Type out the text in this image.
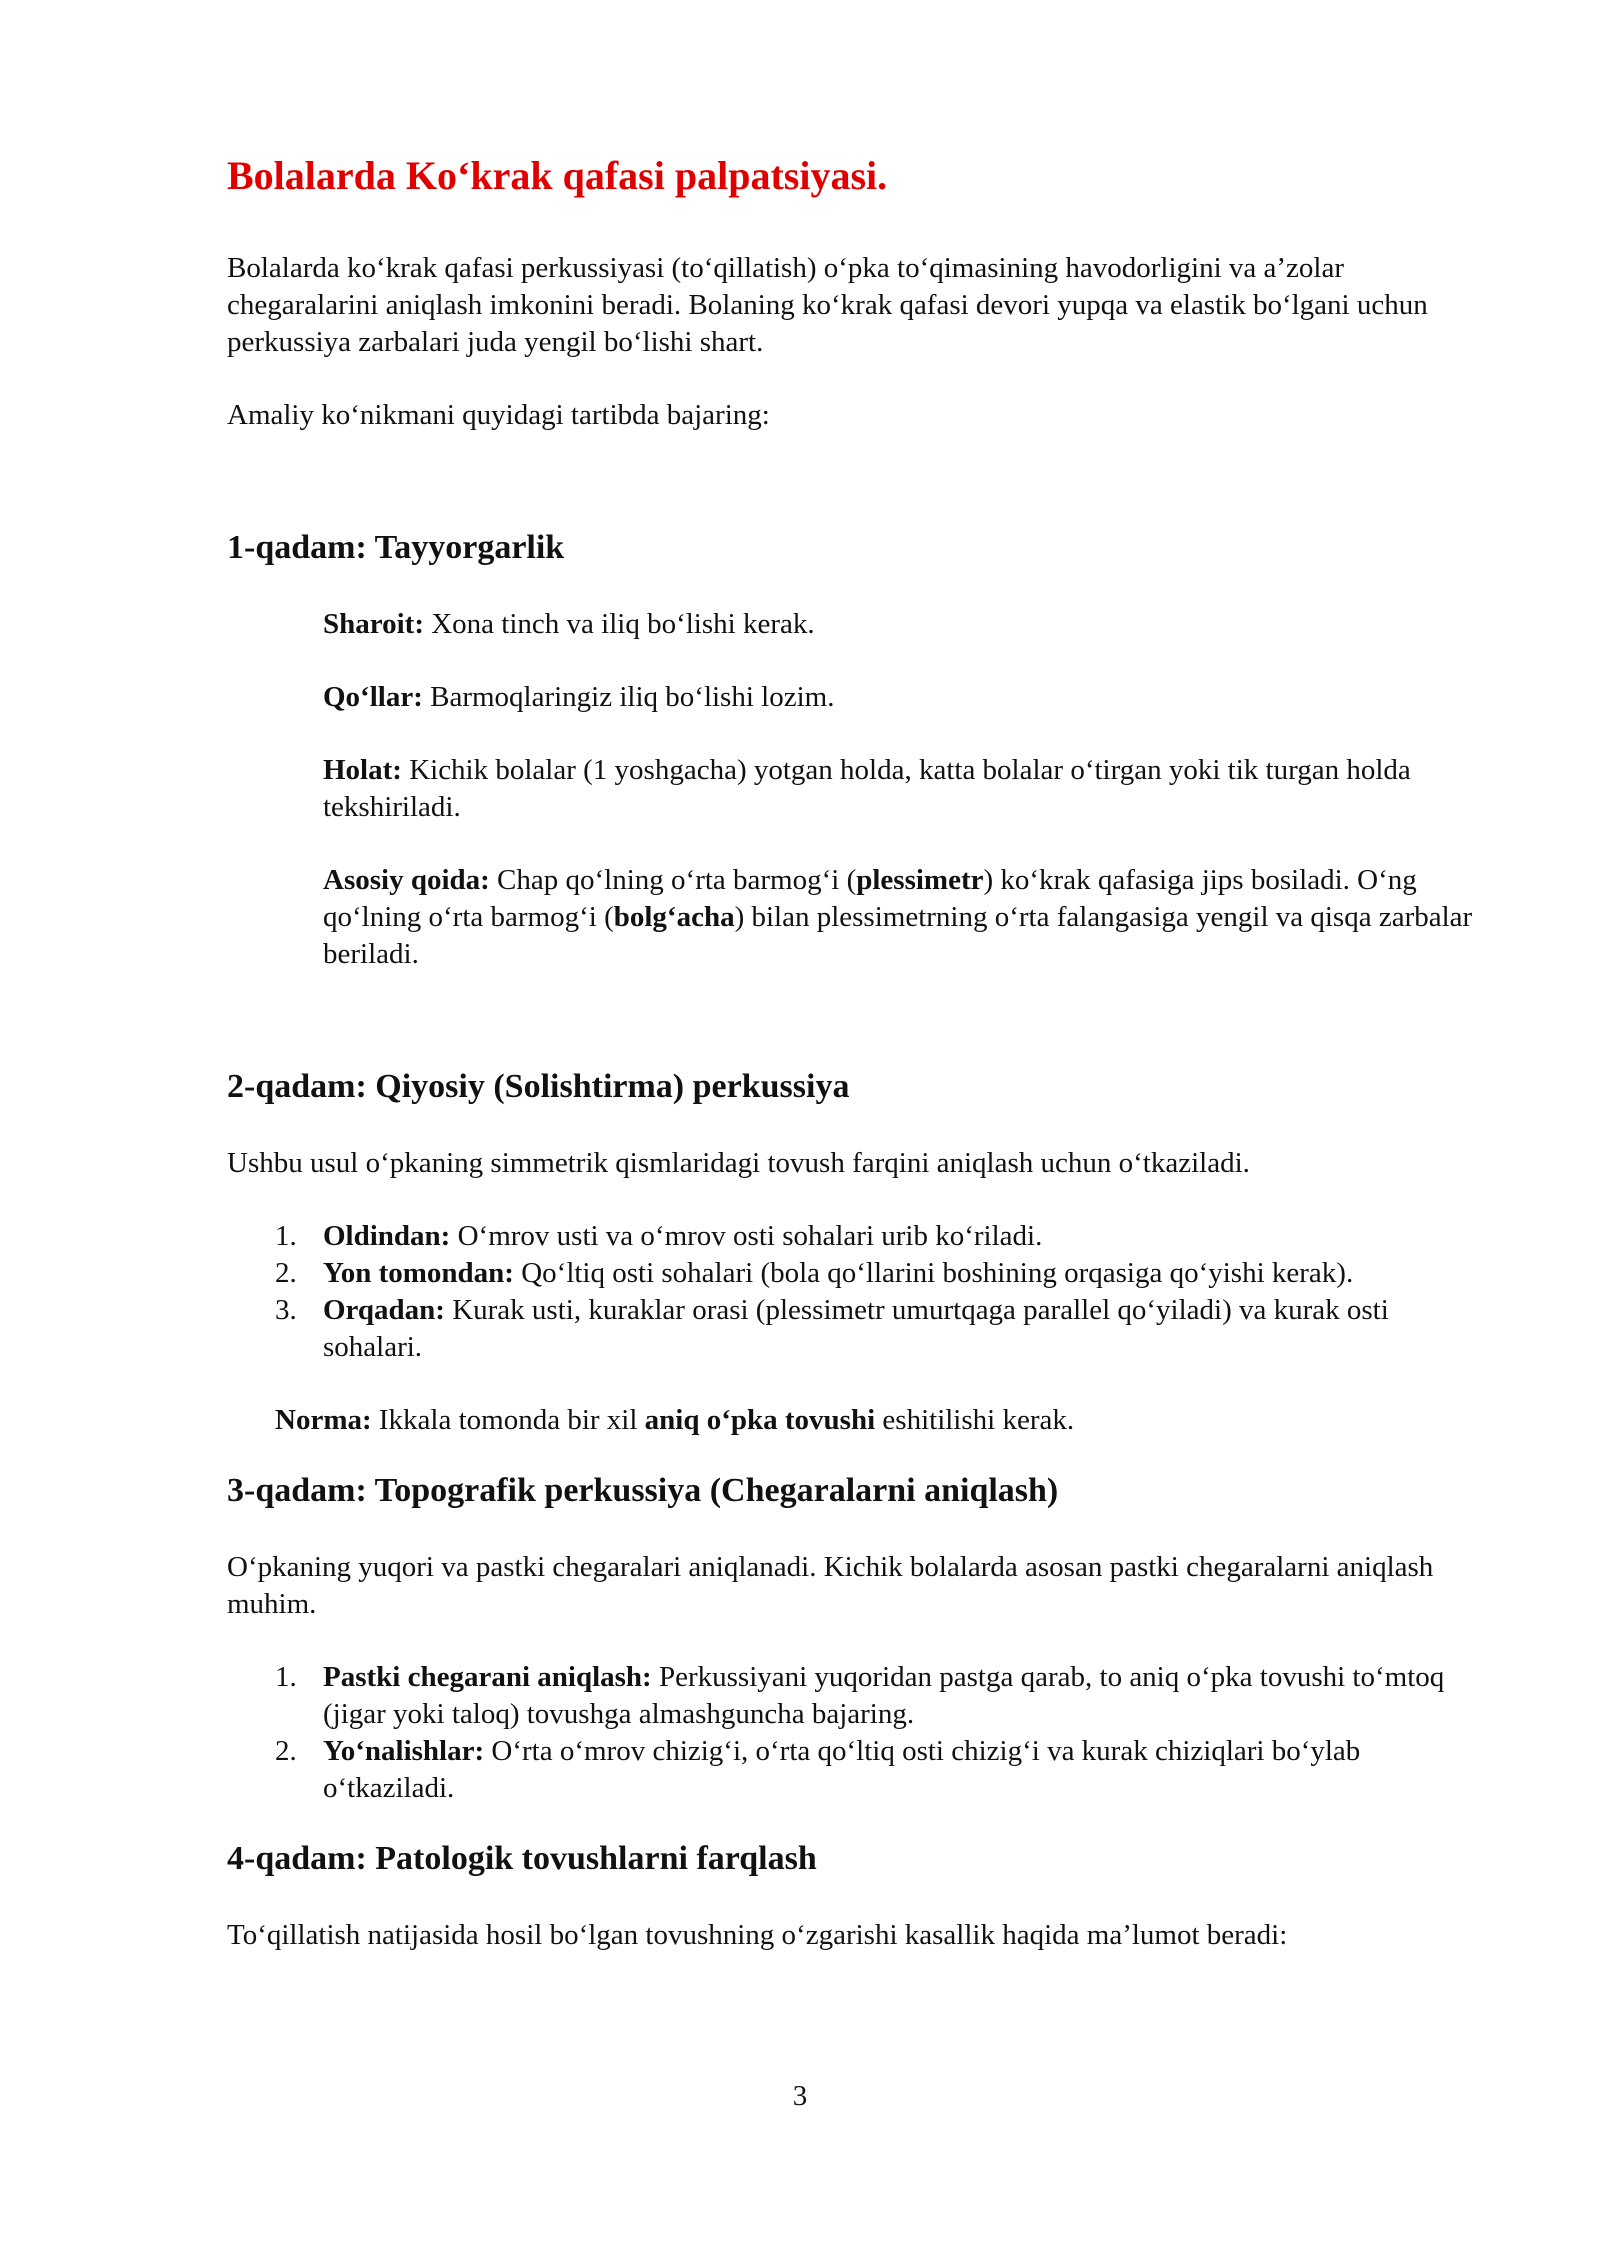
Bolalarda Ko‘krak qafasi palpatsiyasi.

Bolalarda ko‘krak qafasi perkussiyasi (to‘qillatish) o‘pka to‘qimasining havodorligini va a’zolar chegaralarini aniqlash imkonini beradi. Bolaning ko‘krak qafasi devori yupqa va elastik bo‘lgani uchun perkussiya zarbalari juda yengil bo‘lishi shart.

Amaliy ko‘nikmani quyidagi tartibda bajaring:

1-qadam: Tayyorgarlik

Sharoit: Xona tinch va iliq bo‘lishi kerak.

Qo‘llar: Barmoqlaringiz iliq bo‘lishi lozim.

Holat: Kichik bolalar (1 yoshgacha) yotgan holda, katta bolalar o‘tirgan yoki tik turgan holda tekshiriladi.

Asosiy qoida: Chap qo‘lning o‘rta barmog‘i (plessimetr) ko‘krak qafasiga jips bosiladi. O‘ng qo‘lning o‘rta barmog‘i (bolg‘acha) bilan plessimetrning o‘rta falangasiga yengil va qisqa zarbalar beriladi.

2-qadam: Qiyosiy (Solishtirma) perkussiya

Ushbu usul o‘pkaning simmetrik qismlaridagi tovush farqini aniqlash uchun o‘tkaziladi.

1. Oldindan: O‘mrov usti va o‘mrov osti sohalari urib ko‘riladi.
2. Yon tomondan: Qo‘ltiq osti sohalari (bola qo‘llarini boshining orqasiga qo‘yishi kerak).
3. Orqadan: Kurak usti, kuraklar orasi (plessimetr umurtqaga parallel qo‘yiladi) va kurak osti sohalari.

Norma: Ikkala tomonda bir xil aniq o‘pka tovushi eshitilishi kerak.

3-qadam: Topografik perkussiya (Chegaralarni aniqlash)

O‘pkaning yuqori va pastki chegaralari aniqlanadi. Kichik bolalarda asosan pastki chegaralarni aniqlash muhim.

1. Pastki chegarani aniqlash: Perkussiyani yuqoridan pastga qarab, to aniq o‘pka tovushi to‘mtoq (jigar yoki taloq) tovushga almashguncha bajaring.
2. Yo‘nalishlar: O‘rta o‘mrov chizig‘i, o‘rta qo‘ltiq osti chizig‘i va kurak chiziqlari bo‘ylab o‘tkaziladi.
4-qadam: Patologik tovushlarni farqlash

To‘qillatish natijasida hosil bo‘lgan tovushning o‘zgarishi kasallik haqida ma’lumot beradi:

3
